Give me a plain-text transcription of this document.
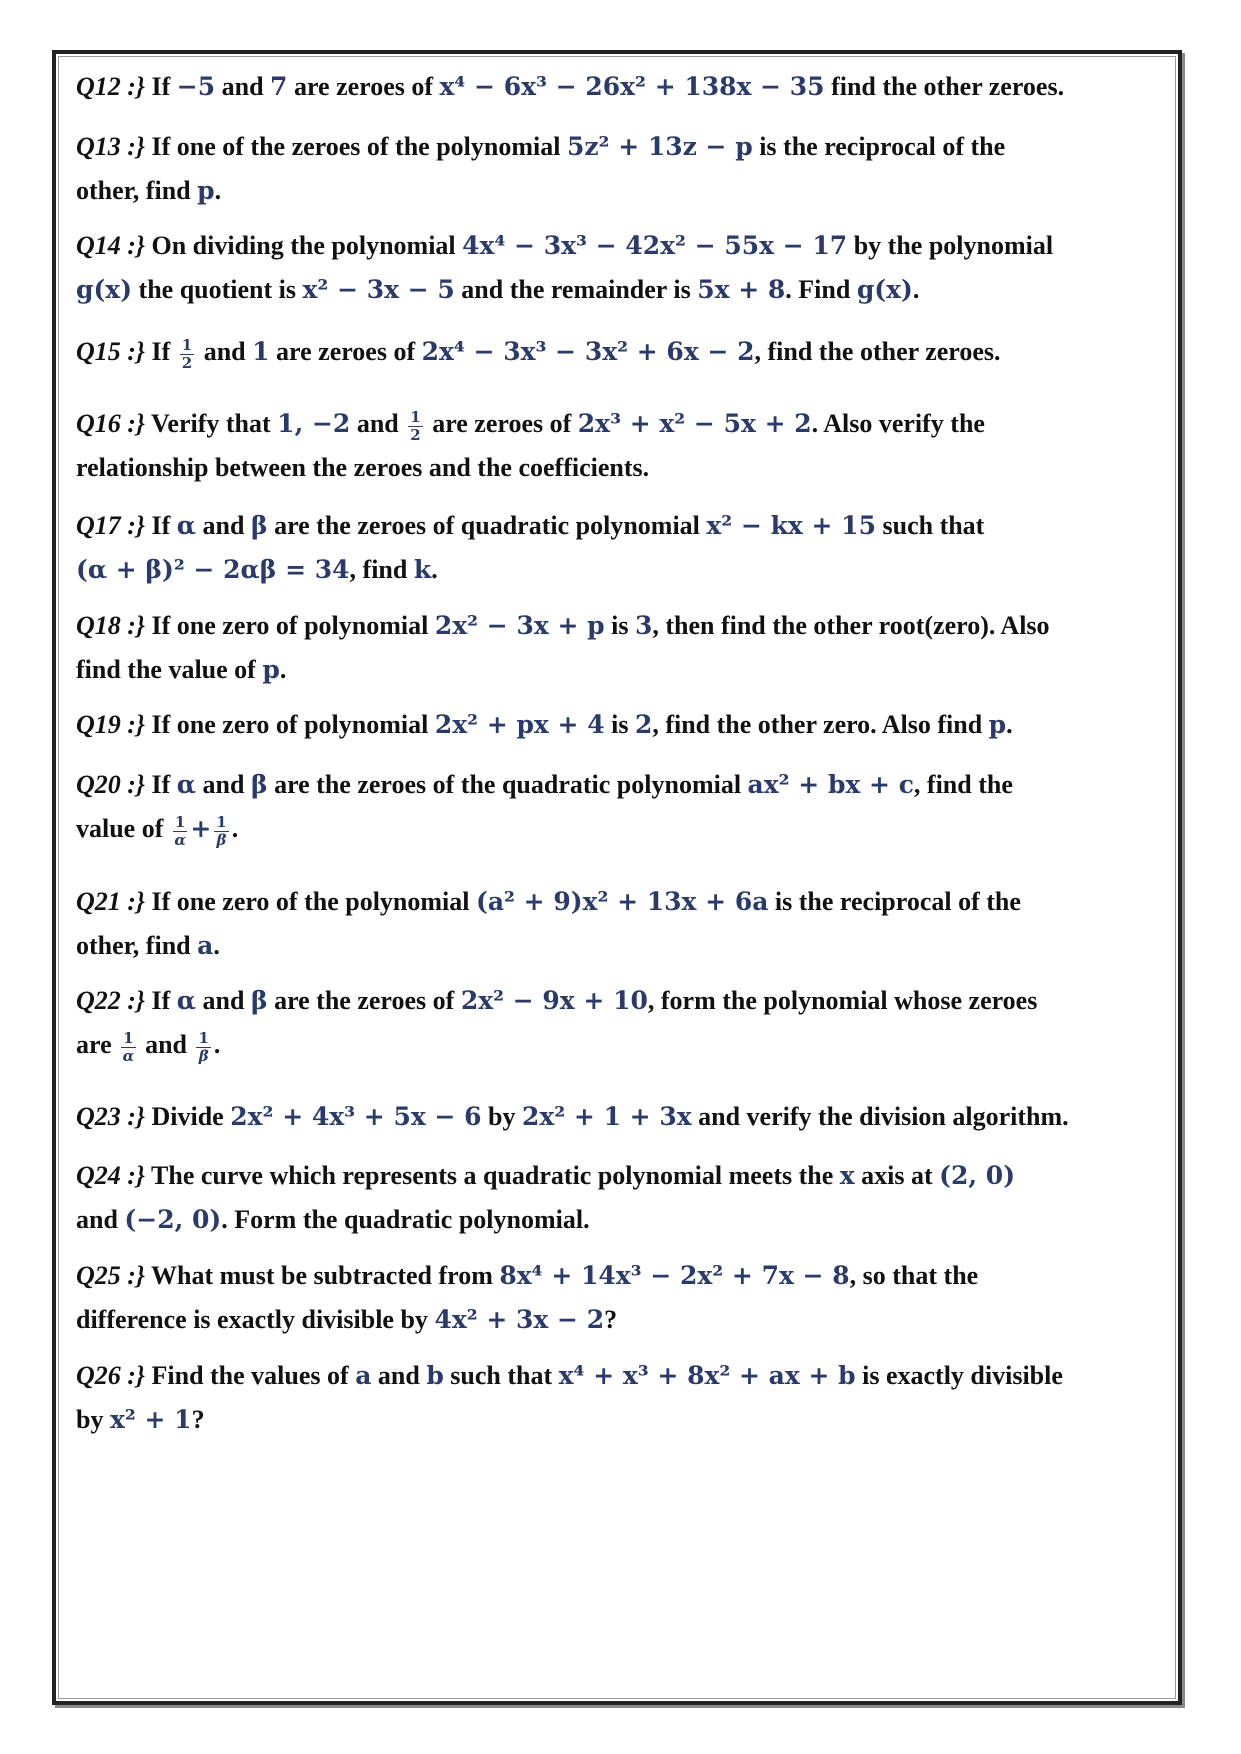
Q12 :} If −5 and 7 are zeroes of x⁴ − 6x³ − 26x² + 138x − 35 find the other zeroes.
Q13 :} If one of the zeroes of the polynomial 5z² + 13z − p is the reciprocal of the
other, find p.
Q14 :} On dividing the polynomial 4x⁴ − 3x³ − 42x² − 55x − 17 by the polynomial
g(x) the quotient is x² − 3x − 5 and the remainder is 5x + 8. Find g(x).
Q15 :} If $\frac{1}{2}$ and 1 are zeroes of 2x⁴ − 3x³ − 3x² + 6x − 2, find the other zeroes.
Q16 :} Verify that 1, −2 and $\frac{1}{2}$ are zeroes of 2x³ + x² − 5x + 2. Also verify the
relationship between the zeroes and the coefficients.
Q17 :} If α and β are the zeroes of quadratic polynomial x² − kx + 15 such that
(α + β)² − 2αβ = 34, find k.
Q18 :} If one zero of polynomial 2x² − 3x + p is 3, then find the other root(zero). Also
find the value of p.
Q19 :} If one zero of polynomial 2x² + px + 4 is 2, find the other zero. Also find p.
Q20 :} If α and β are the zeroes of the quadratic polynomial ax² + bx + c, find the
value of $\frac{1}{\alpha} + \frac{1}{\beta}$ .
Q21 :} If one zero of the polynomial (a² + 9)x² + 13x + 6a is the reciprocal of the
other, find a.
Q22 :} If α and β are the zeroes of 2x² − 9x + 10, form the polynomial whose zeroes
are $\frac{1}{\alpha}$ and $\frac{1}{\beta}$ .
Q23 :} Divide 2x² + 4x³ + 5x − 6 by 2x² + 1 + 3x and verify the division algorithm.
Q24 :} The curve which represents a quadratic polynomial meets the x axis at (2, 0)
and (−2, 0). Form the quadratic polynomial.
Q25 :} What must be subtracted from 8x⁴ + 14x³ − 2x² + 7x − 8, so that the
difference is exactly divisible by 4x² + 3x − 2?
Q26 :} Find the values of a and b such that x⁴ + x³ + 8x² + ax + b is exactly divisible
by x² + 1?
